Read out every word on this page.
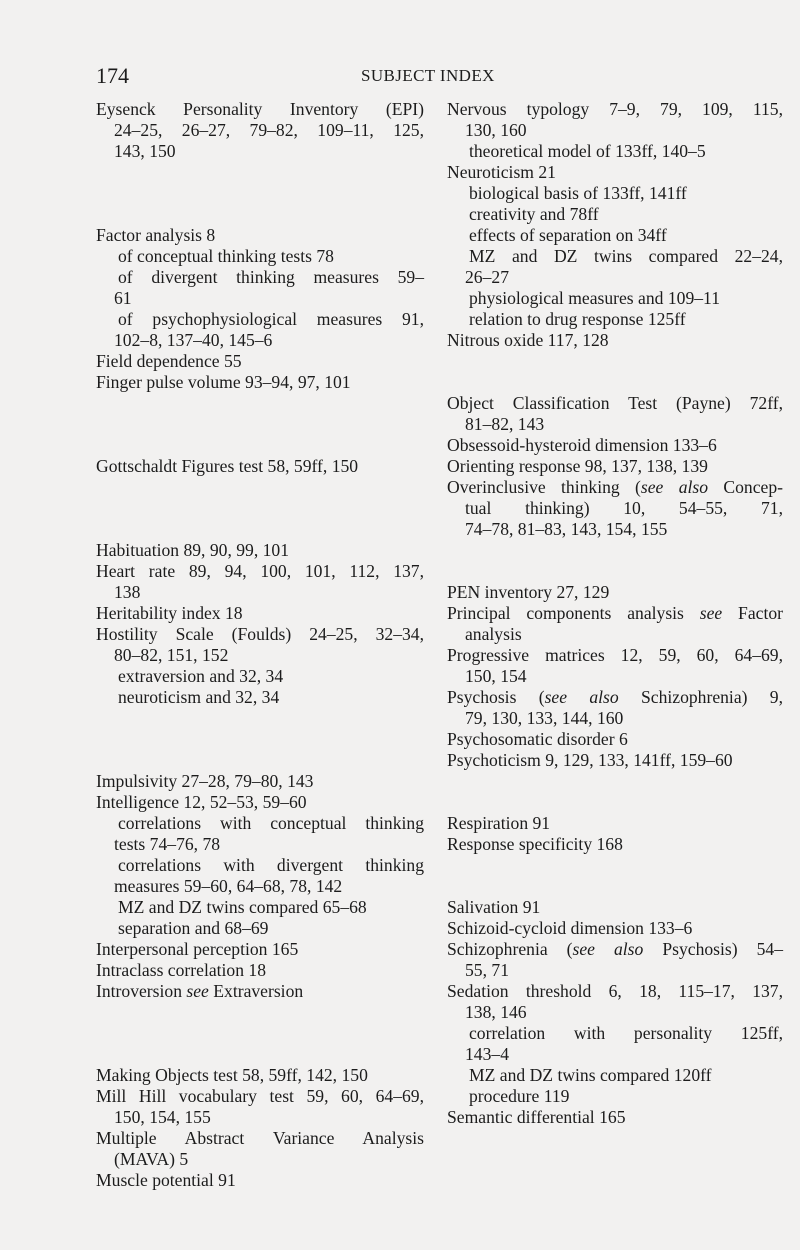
174	SUBJECT INDEX
Eysenck Personality Inventory (EPI)
24–25, 26–27, 79–82, 109–11, 125,
143, 150
Factor analysis 8
of conceptual thinking tests 78
of divergent thinking measures 59–
61
of psychophysiological measures 91,
102–8, 137–40, 145–6
Field dependence 55
Finger pulse volume 93–94, 97, 101
Gottschaldt Figures test 58, 59ff, 150
Habituation 89, 90, 99, 101
Heart rate 89, 94, 100, 101, 112, 137,
138
Heritability index 18
Hostility Scale (Foulds) 24–25, 32–34,
80–82, 151, 152
extraversion and 32, 34
neuroticism and 32, 34
Impulsivity 27–28, 79–80, 143
Intelligence 12, 52–53, 59–60
correlations with conceptual thinking
tests 74–76, 78
correlations with divergent thinking
measures 59–60, 64–68, 78, 142
MZ and DZ twins compared 65–68
separation and 68–69
Interpersonal perception 165
Intraclass correlation 18
Introversion see Extraversion
Making Objects test 58, 59ff, 142, 150
Mill Hill vocabulary test 59, 60, 64–69,
150, 154, 155
Multiple Abstract Variance Analysis
(MAVA) 5
Muscle potential 91
Nervous typology 7–9, 79, 109, 115,
130, 160
theoretical model of 133ff, 140–5
Neuroticism 21
biological basis of 133ff, 141ff
creativity and 78ff
effects of separation on 34ff
MZ and DZ twins compared 22–24,
26–27
physiological measures and 109–11
relation to drug response 125ff
Nitrous oxide 117, 128
Object Classification Test (Payne) 72ff,
81–82, 143
Obsessoid-hysteroid dimension 133–6
Orienting response 98, 137, 138, 139
Overinclusive thinking (see also Concep-
tual thinking) 10, 54–55, 71,
74–78, 81–83, 143, 154, 155
PEN inventory 27, 129
Principal components analysis see Factor
analysis
Progressive matrices 12, 59, 60, 64–69,
150, 154
Psychosis (see also Schizophrenia) 9,
79, 130, 133, 144, 160
Psychosomatic disorder 6
Psychoticism 9, 129, 133, 141ff, 159–60
Respiration 91
Response specificity 168
Salivation 91
Schizoid-cycloid dimension 133–6
Schizophrenia (see also Psychosis) 54–
55, 71
Sedation threshold 6, 18, 115–17, 137,
138, 146
correlation with personality 125ff,
143–4
MZ and DZ twins compared 120ff
procedure 119
Semantic differential 165
